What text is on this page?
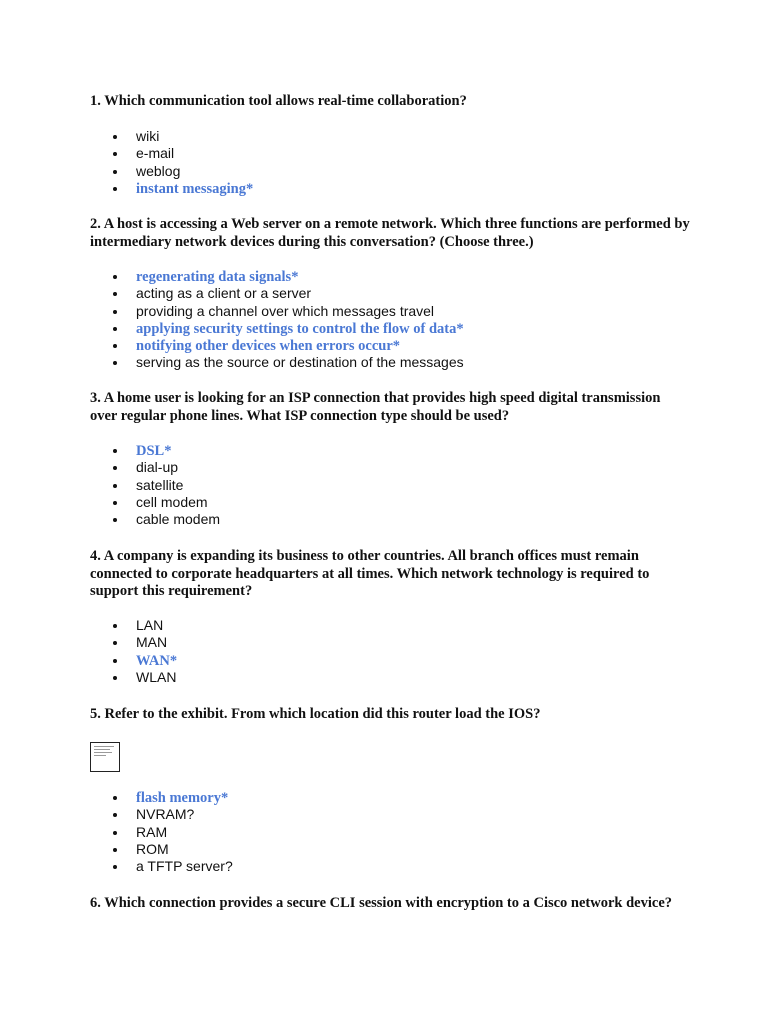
1. Which communication tool allows real-time collaboration?

wiki
e-mail
weblog
instant messaging*

2. A host is accessing a Web server on a remote network. Which three functions are performed by intermediary network devices during this conversation? (Choose three.)

regenerating data signals*
acting as a client or a server
providing a channel over which messages travel
applying security settings to control the flow of data*
notifying other devices when errors occur*
serving as the source or destination of the messages

3. A home user is looking for an ISP connection that provides high speed digital transmission over regular phone lines. What ISP connection type should be used?

DSL*
dial-up
satellite
cell modem
cable modem

4. A company is expanding its business to other countries. All branch offices must remain connected to corporate headquarters at all times. Which network technology is required to support this requirement?

LAN
MAN
WAN*
WLAN

5. Refer to the exhibit. From which location did this router load the IOS?

flash memory*
NVRAM?
RAM
ROM
a TFTP server?

6. Which connection provides a secure CLI session with encryption to a Cisco network device?
